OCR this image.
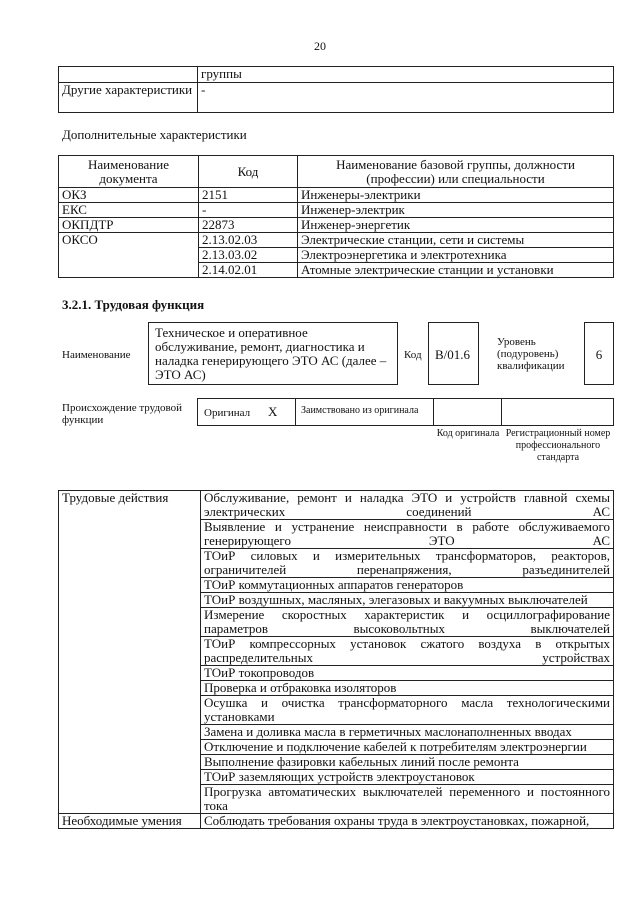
20
	группы
Другие характеристики	-
Дополнительные характеристики
Наименование документа	Код	Наименование базовой группы, должности (профессии) или специальности
ОКЗ	2151	Инженеры-электрики
ЕКС	-	Инженер-электрик
ОКПДТР	22873	Инженер-энергетик
ОКСО	2.13.02.03	Электрические станции, сети и системы
	2.13.03.02	Электроэнергетика и электротехника
	2.14.02.01	Атомные электрические станции и установки
3.2.1. Трудовая функция
Наименование
Техническое и оперативное обслуживание, ремонт, диагностика и наладка генерирующего ЭТО АС (далее – ЭТО АС)
Код	В/01.6
Уровень (подуровень) квалификации
6
Происхождение трудовой функции
Оригинал X	Заимствовано из оригинала
Код оригинала Регистрационный номер профессионального стандарта
Трудовые действия	Обслуживание, ремонт и наладка ЭТО и устройств главной схемы электрических соединений АС
	Выявление и устранение неисправности в работе обслуживаемого генерирующего ЭТО АС
	ТОиР силовых и измерительных трансформаторов, реакторов, ограничителей перенапряжения, разъединителей
	ТОиР коммутационных аппаратов генераторов
	ТОиР воздушных, масляных, элегазовых и вакуумных выключателей
	Измерение скоростных характеристик и осциллографирование параметров высоковольтных выключателей
	ТОиР компрессорных установок сжатого воздуха в открытых распределительных устройствах
	ТОиР токопроводов
	Проверка и отбраковка изоляторов
	Осушка и очистка трансформаторного масла технологическими установками
	Замена и доливка масла в герметичных маслонаполненных вводах
	Отключение и подключение кабелей к потребителям электроэнергии
	Выполнение фазировки кабельных линий после ремонта
	ТОиР заземляющих устройств электроустановок
	Прогрузка автоматических выключателей переменного и постоянного тока
Необходимые умения	Соблюдать требования охраны труда в электроустановках, пожарной,
